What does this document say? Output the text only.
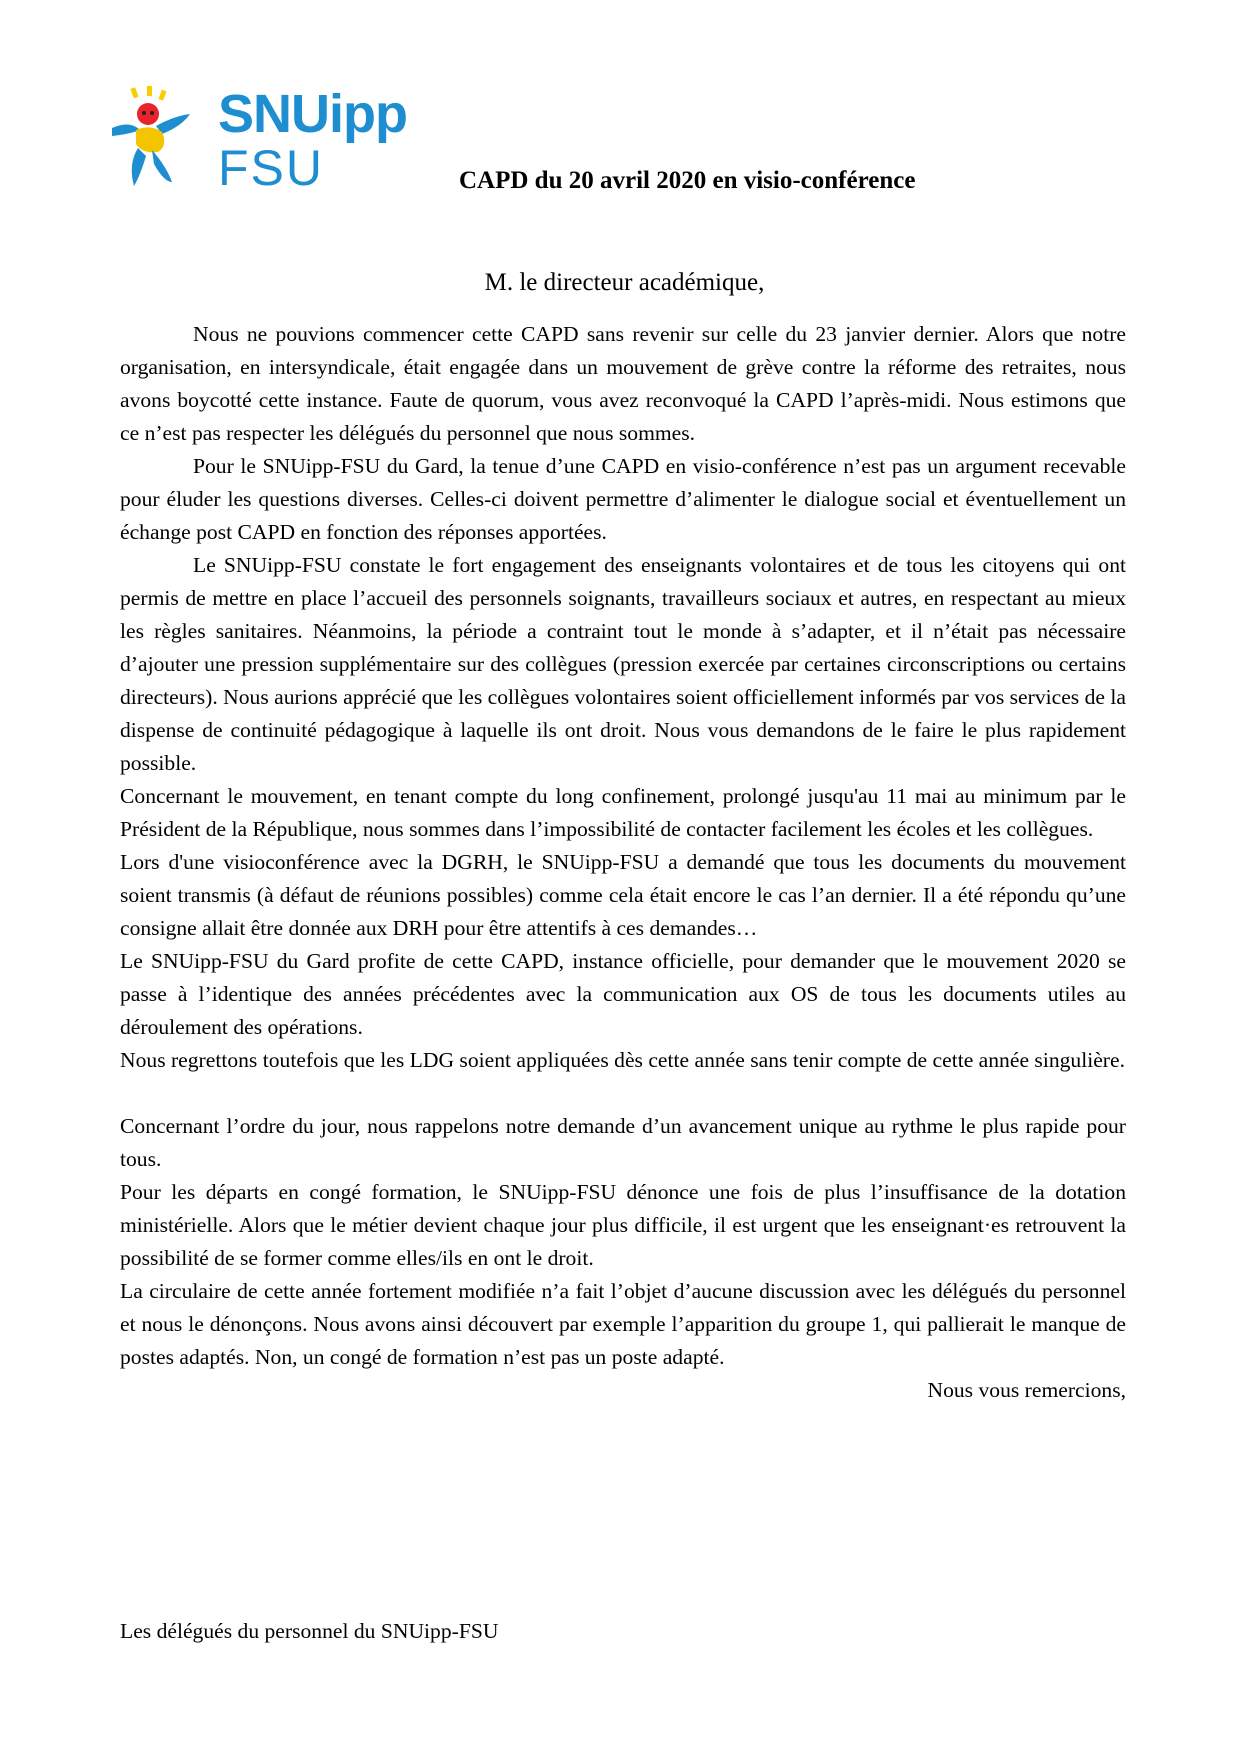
SNUipp
FSU	CAPD du 20 avril 2020 en visio-conférence
M. le directeur académique,

Nous ne pouvions commencer cette CAPD sans revenir sur celle du 23 janvier dernier. Alors que notre organisation, en intersyndicale, était engagée dans un mouvement de grève contre la réforme des retraites, nous avons boycotté cette instance. Faute de quorum, vous avez reconvoqué la CAPD l’après-midi. Nous estimons que ce n’est pas respecter les délégués du personnel que nous sommes.

Pour le SNUipp-FSU du Gard, la tenue d’une CAPD en visio-conférence n’est pas un argument recevable pour éluder les questions diverses. Celles-ci doivent permettre d’alimenter le dialogue social et éventuellement un échange post CAPD en fonction des réponses apportées.

Le SNUipp-FSU constate le fort engagement des enseignants volontaires et de tous les citoyens qui ont permis de mettre en place l’accueil des personnels soignants, travailleurs sociaux et autres, en respectant au mieux les règles sanitaires. Néanmoins, la période a contraint tout le monde à s’adapter, et il n’était pas nécessaire d’ajouter une pression supplémentaire sur des collègues (pression exercée par certaines circonscriptions ou certains directeurs). Nous aurions apprécié que les collègues volontaires soient officiellement informés par vos services de la dispense de continuité pédagogique à laquelle ils ont droit. Nous vous demandons de le faire le plus rapidement possible.

Concernant le mouvement, en tenant compte du long confinement, prolongé jusqu'au 11 mai au minimum par le Président de la République, nous sommes dans l’impossibilité de contacter facilement les écoles et les collègues.

Lors d'une visioconférence avec la DGRH, le SNUipp-FSU a demandé que tous les documents du mouvement soient transmis (à défaut de réunions possibles) comme cela était encore le cas l’an dernier. Il a été répondu qu’une consigne allait être donnée aux DRH pour être attentifs à ces demandes…

Le SNUipp-FSU du Gard profite de cette CAPD, instance officielle, pour demander que le mouvement 2020 se passe à l’identique des années précédentes avec la communication aux OS de tous les documents utiles au déroulement des opérations.

Nous regrettons toutefois que les LDG soient appliquées dès cette année sans tenir compte de cette année singulière.

Concernant l’ordre du jour, nous rappelons notre demande d’un avancement unique au rythme le plus rapide pour tous.

Pour les départs en congé formation, le SNUipp-FSU dénonce une fois de plus l’insuffisance de la dotation ministérielle. Alors que le métier devient chaque jour plus difficile, il est urgent que les enseignant·es retrouvent la possibilité de se former comme elles/ils en ont le droit.

La circulaire de cette année fortement modifiée n’a fait l’objet d’aucune discussion avec les délégués du personnel et nous le dénonçons. Nous avons ainsi découvert par exemple l’apparition du groupe 1, qui pallierait le manque de postes adaptés. Non, un congé de formation n’est pas un poste adapté.

Nous vous remercions,

Les délégués du personnel du SNUipp-FSU
